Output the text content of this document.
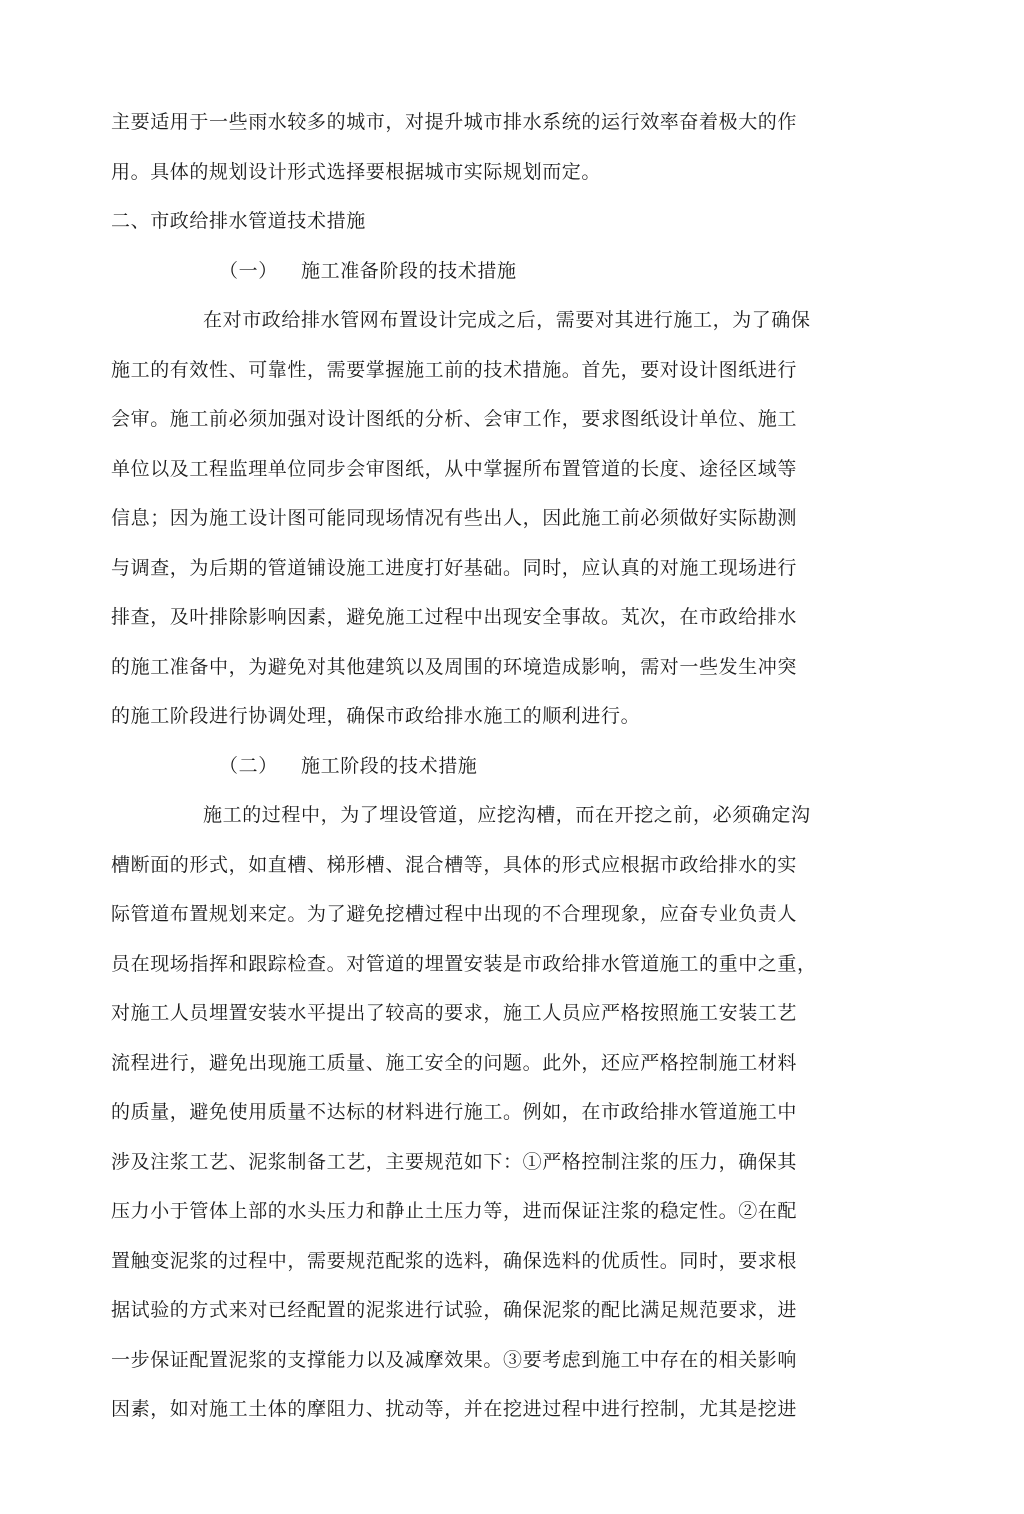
主要适用于一些雨水较多的城市，对提升城市排水系统的运行效率奋着极大的作
用。具体的规划设计形式选择要根据城市实际规划而定。
二、市政给排水管道技术措施
（一） 施工准备阶段的技术措施
在对市政给排水管网布置设计完成之后，需要对其进行施工，为了确保
施工的有效性、可靠性，需要掌握施工前的技术措施。首先，要对设计图纸进行
会审。施工前必须加强对设计图纸的分析、会审工作，要求图纸设计单位、施工
单位以及工程监理单位同步会审图纸，从中掌握所布置管道的长度、途径区域等
信息；因为施工设计图可能同现场情况有些出人，因此施工前必须做好实际勘测
与调查，为后期的管道铺设施工进度打好基础。同时，应认真的对施工现场进行
排查，及叶排除影响因素，避免施工过程中出现安全事故。芄次，在市政给排水
的施工准备中，为避免对其他建筑以及周围的环境造成影响，需对一些发生冲突
的施工阶段进行协调处理，确保市政给排水施工的顺利进行。
（二） 施工阶段的技术措施
施工的过程中，为了埋设管道，应挖沟槽，而在开挖之前，必须确定沟
槽断面的形式，如直槽、梯形槽、混合槽等，具体的形式应根据市政给排水的实
际管道布置规划来定。为了避免挖槽过程中出现的不合理现象，应奋专业负责人
员在现场指挥和跟踪检查。对管道的埋置安装是市政给排水管道施工的重中之重，
对施工人员埋置安装水平提出了较高的要求，施工人员应严格按照施工安装工艺
流程进行，避免出现施工质量、施工安全的问题。此外，还应严格控制施工材料
的质量，避免使用质量不达标的材料进行施工。例如，在市政给排水管道施工中
涉及注浆工艺、泥浆制备工艺，主要规范如下：①严格控制注浆的压力，确保其
压力小于管体上部的水头压力和静止土压力等，进而保证注浆的稳定性。②在配
置触变泥浆的过程中，需要规范配浆的选料，确保选料的优质性。同时，要求根
据试验的方式来对已经配置的泥浆进行试验，确保泥浆的配比满足规范要求，进
一步保证配置泥浆的支撑能力以及减摩效果。③要考虑到施工中存在的相关影响
因素，如对施工土体的摩阻力、扰动等，并在挖进过程中进行控制，尤其是挖进
